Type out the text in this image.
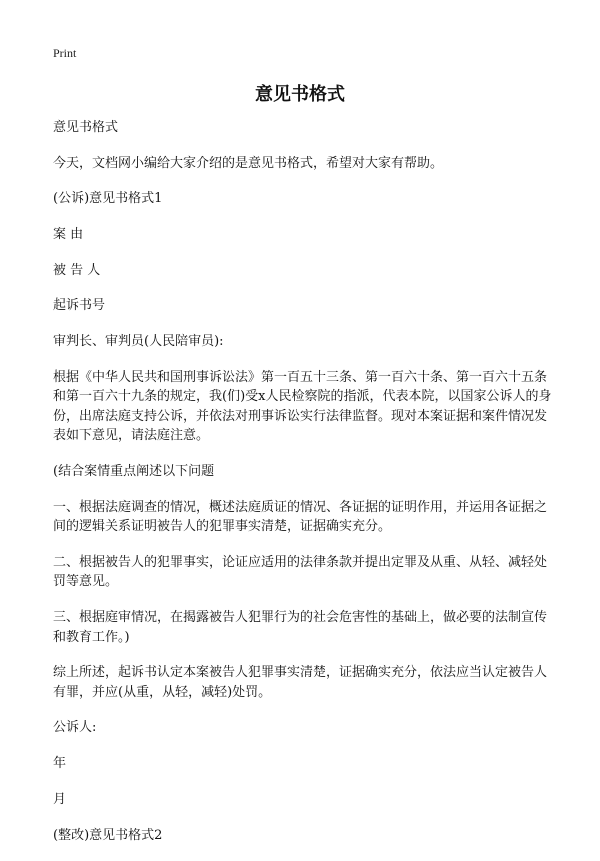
Print
意见书格式

意见书格式

今天，文档网小编给大家介绍的是意见书格式，希望对大家有帮助。

(公诉)意见书格式1

案 由

被 告 人

起诉书号

审判长、审判员(人民陪审员):

根据《中华人民共和国刑事诉讼法》第一百五十三条、第一百六十条、第一百六十五条和第一百六十九条的规定，我(们)受x人民检察院的指派，代表本院，以国家公诉人的身份，出席法庭支持公诉，并依法对刑事诉讼实行法律监督。现对本案证据和案件情况发表如下意见，请法庭注意。

(结合案情重点阐述以下问题

一、根据法庭调查的情况，概述法庭质证的情况、各证据的证明作用，并运用各证据之间的逻辑关系证明被告人的犯罪事实清楚，证据确实充分。

二、根据被告人的犯罪事实，论证应适用的法律条款并提出定罪及从重、从轻、减轻处罚等意见。

三、根据庭审情况，在揭露被告人犯罪行为的社会危害性的基础上，做必要的法制宣传和教育工作。)

综上所述，起诉书认定本案被告人犯罪事实清楚，证据确实充分，依法应当认定被告人有罪，并应(从重，从轻，减轻)处罚。

公诉人:

年

月

(整改)意见书格式2
